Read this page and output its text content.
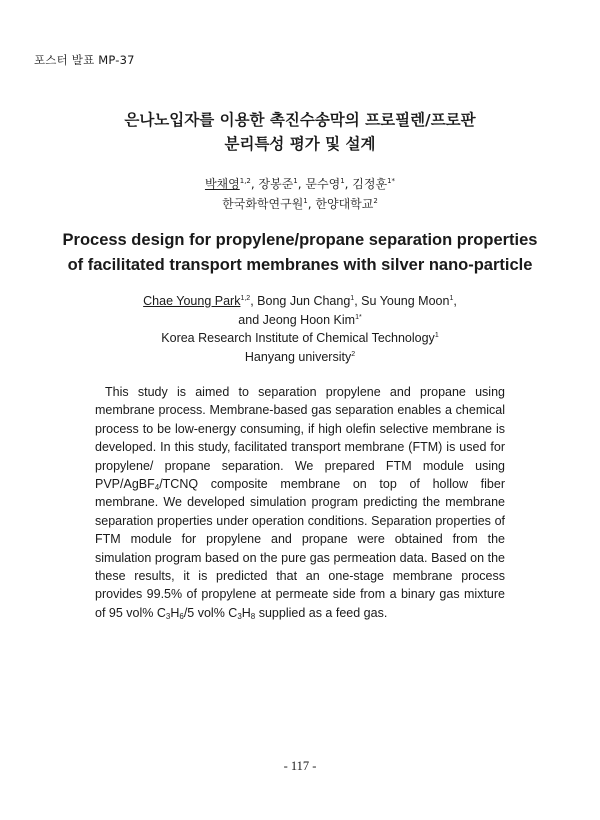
포스터 발표 MP-37
은나노입자를 이용한 촉진수송막의 프로필렌/프로판
분리특성 평가 및 설계
박채영$^{1,2}$, 장봉준$^1$, 문수영$^1$, 김정훈$^{1*}$
한국화학연구원$^1$, 한양대학교$^2$
Process design for propylene/propane separation properties
of facilitated transport membranes with silver nano-particle
Chae Young Park$^{1,2}$, Bong Jun Chang$^1$, Su Young Moon$^1$,
and Jeong Hoon Kim$^{1*}$
Korea Research Institute of Chemical Technology$^1$
Hanyang university$^2$

This study is aimed to separation propylene and propane using membrane process. Membrane-based gas separation enables a chemical process to be low-energy consuming, if high olefin selective membrane is developed. In this study, facilitated transport membrane (FTM) is used for propylene/ propane separation. We prepared FTM module using PVP/AgBF$_4$/TCNQ composite membrane on top of hollow fiber membrane. We developed simulation program predicting the membrane separation properties under operation conditions. Separation properties of FTM module for propylene and propane were obtained from the simulation program based on the pure gas permeation data. Based on the these results, it is predicted that an one-stage membrane process provides 99.5% of propylene at permeate side from a binary gas mixture of 95 vol% $C_3H_6/5$ vol% $C_3H_8$ supplied as a feed gas.

- 117 -
